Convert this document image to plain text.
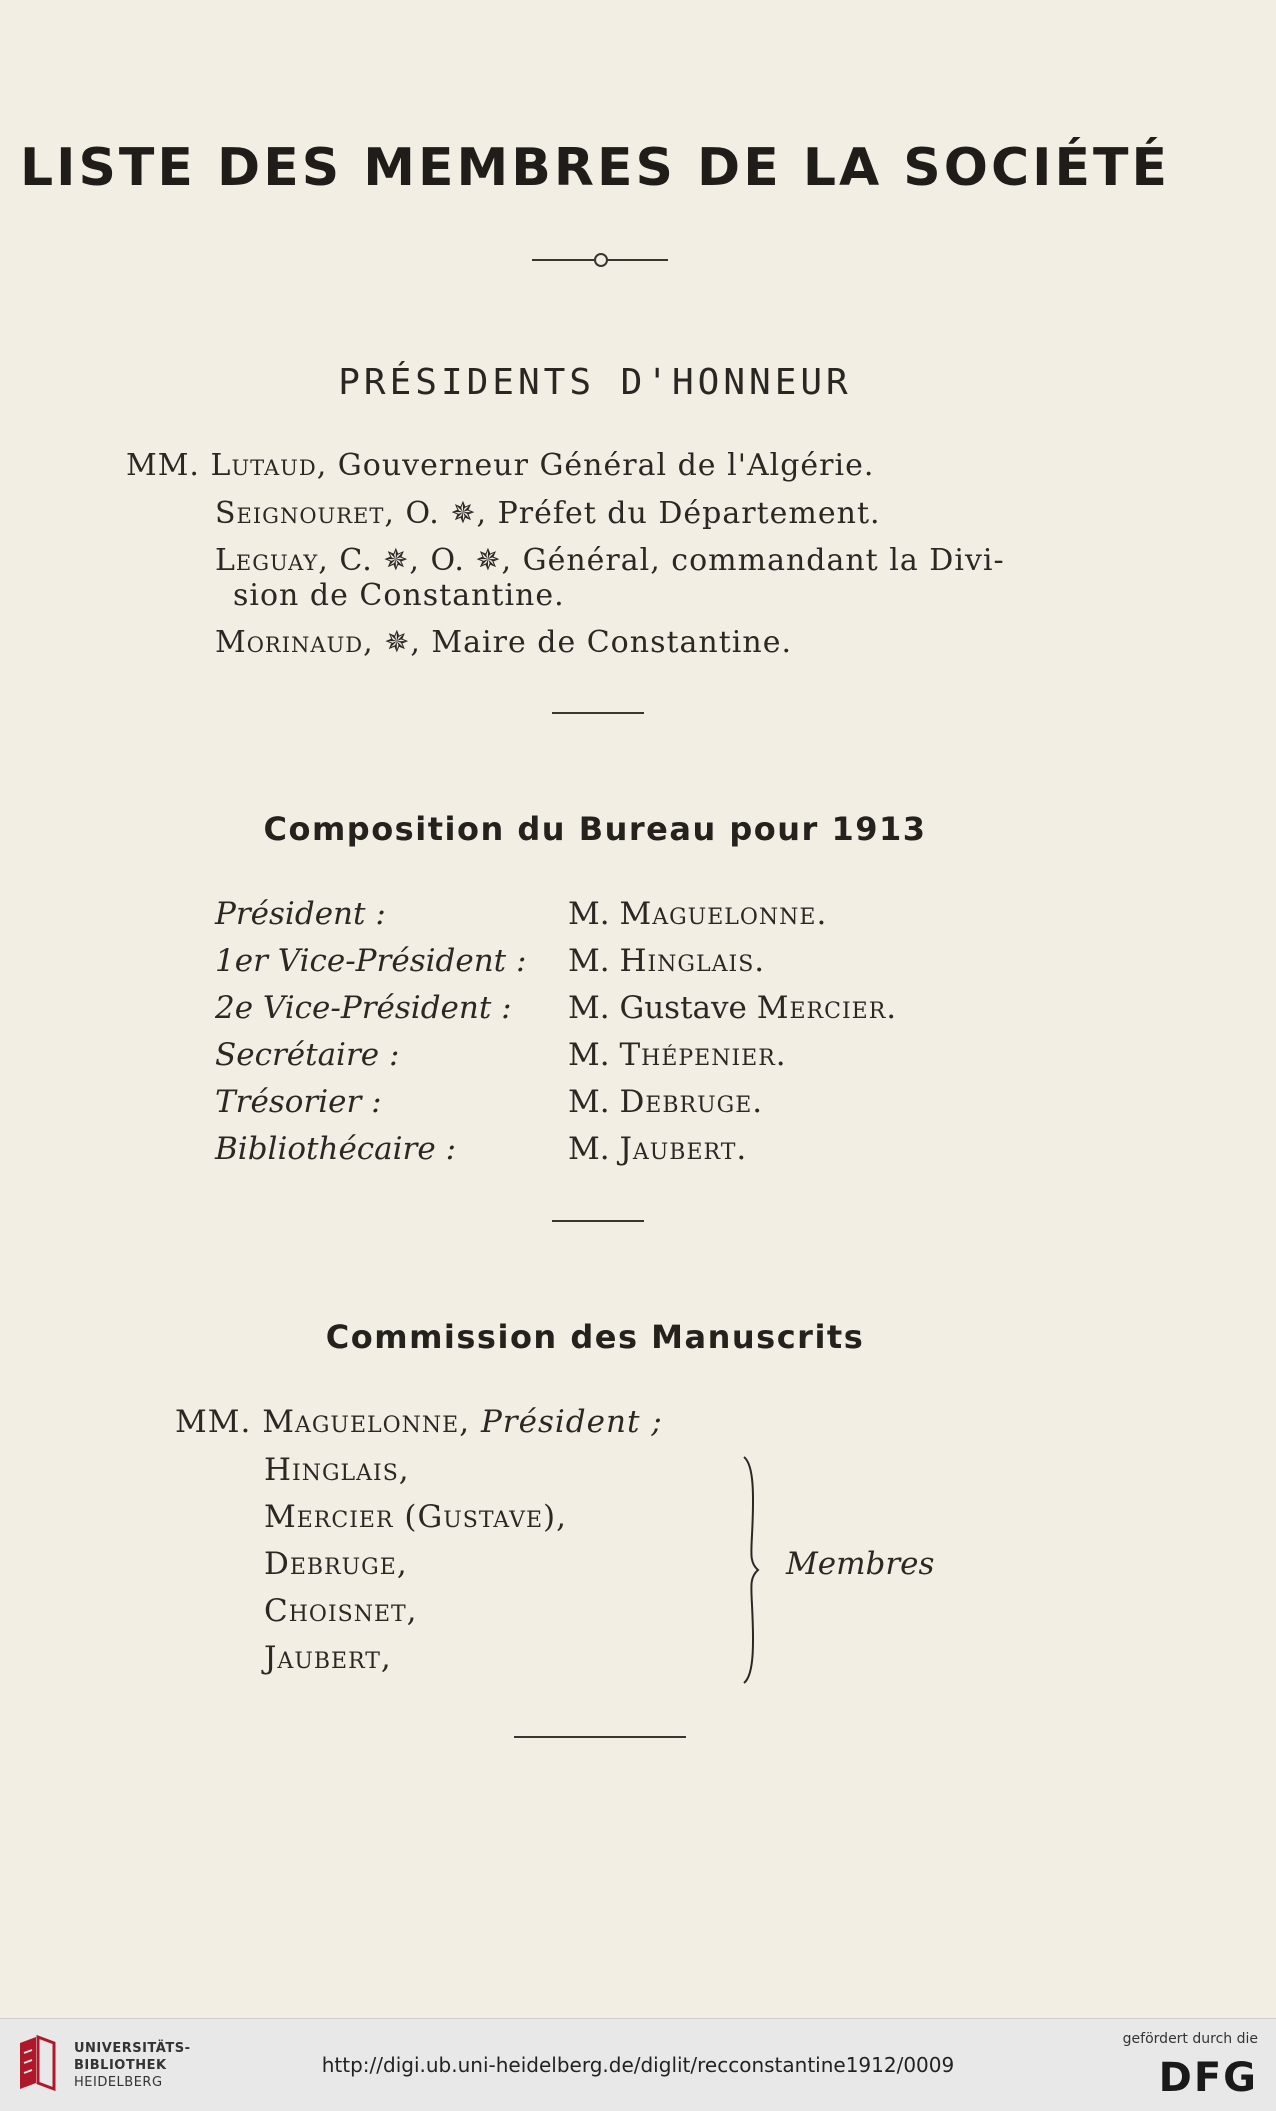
LISTE DES MEMBRES DE LA SOCIÉTÉ
PRÉSIDENTS D'HONNEUR
MM. Lutaud, Gouverneur Général de l'Algérie.
Seignouret, O. ✵, Préfet du Département.
Leguay, C. ✵, O. ✵, Général, commandant la Divi-
sion de Constantine.
Morinaud, ✵, Maire de Constantine.
Composition du Bureau pour 1913
Président :	M. Maguelonne.
1er Vice-Président : M. Hinglais.
2e Vice-Président : M. Gustave Mercier.
Secrétaire :	M. Thépenier.
Trésorier :	M. Debruge.
Bibliothécaire :	M. Jaubert.
Commission des Manuscrits
MM. Maguelonne, Président ;
Hinglais,
Mercier (Gustave),
Debruge,
Choisnet,
Jaubert,
Membres
UNIVERSITÄTS-
BIBLIOTHEK
HEIDELBERG
http://digi.ub.uni-heidelberg.de/diglit/recconstantine1912/0009
gefördert durch die
DFG
